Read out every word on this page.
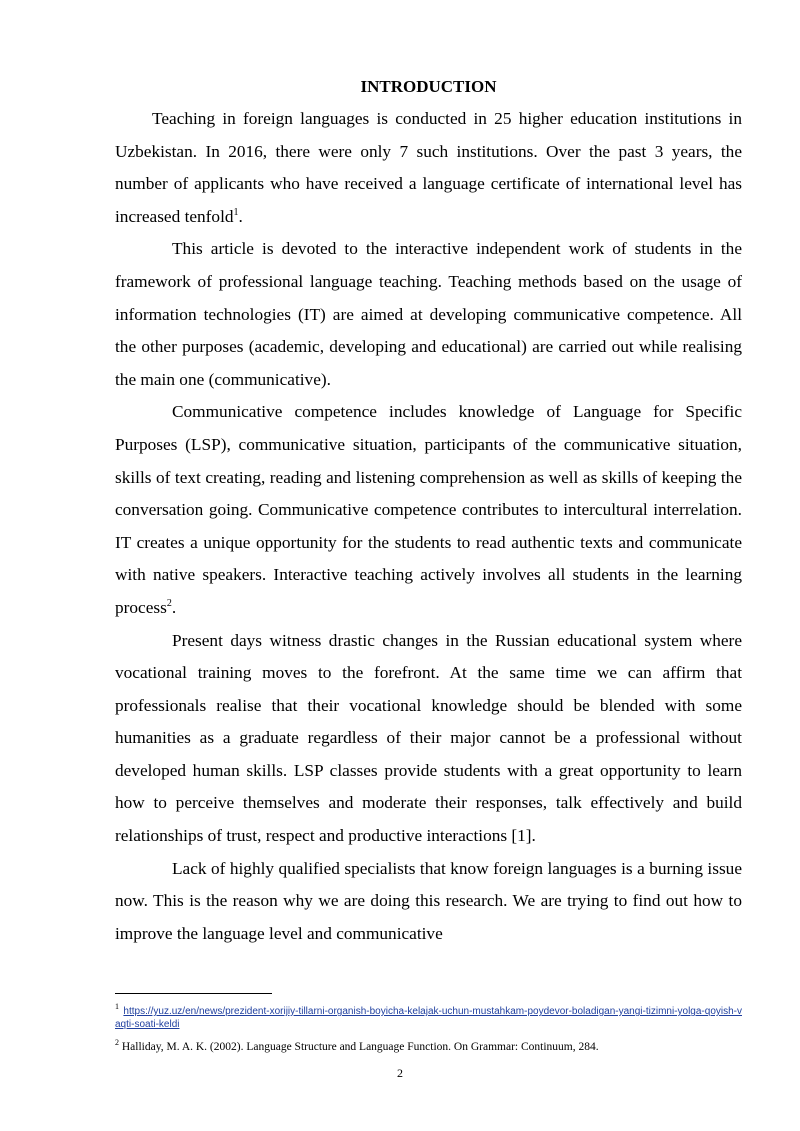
INTRODUCTION

Teaching in foreign languages is conducted in 25 higher education institutions in Uzbekistan. In 2016, there were only 7 such institutions. Over the past 3 years, the number of applicants who have received a language certificate of international level has increased tenfold$^1$.

This article is devoted to the interactive independent work of students in the framework of professional language teaching. Teaching methods based on the usage of information technologies (IT) are aimed at developing communicative competence. All the other purposes (academic, developing and educational) are carried out while realising the main one (communicative).

Communicative competence includes knowledge of Language for Specific Purposes (LSP), communicative situation, participants of the communicative situation, skills of text creating, reading and listening comprehension as well as skills of keeping the conversation going. Communicative competence contributes to intercultural interrelation. IT creates a unique opportunity for the students to read authentic texts and communicate with native speakers. Interactive teaching actively involves all students in the learning process$^2$.

Present days witness drastic changes in the Russian educational system where vocational training moves to the forefront. At the same time we can affirm that professionals realise that their vocational knowledge should be blended with some humanities as a graduate regardless of their major cannot be a professional without developed human skills. LSP classes provide students with a great opportunity to learn how to perceive themselves and moderate their responses, talk effectively and build relationships of trust, respect and productive interactions [1].

Lack of highly qualified specialists that know foreign languages is a burning issue now. This is the reason why we are doing this research. We are trying to find out how to improve the language level and communicative

$^1$ https://yuz.uz/en/news/prezident-xorijiy-tillarni-organish-boyicha-kelajak-uchun-mustahkam-poydevor-boladigan-yangi-tizimni-yolga-qoyish-vaqti-soati-keldi

$^2$ Halliday, M. A. K. (2002). Language Structure and Language Function. On Grammar: Continuum, 284.

2
